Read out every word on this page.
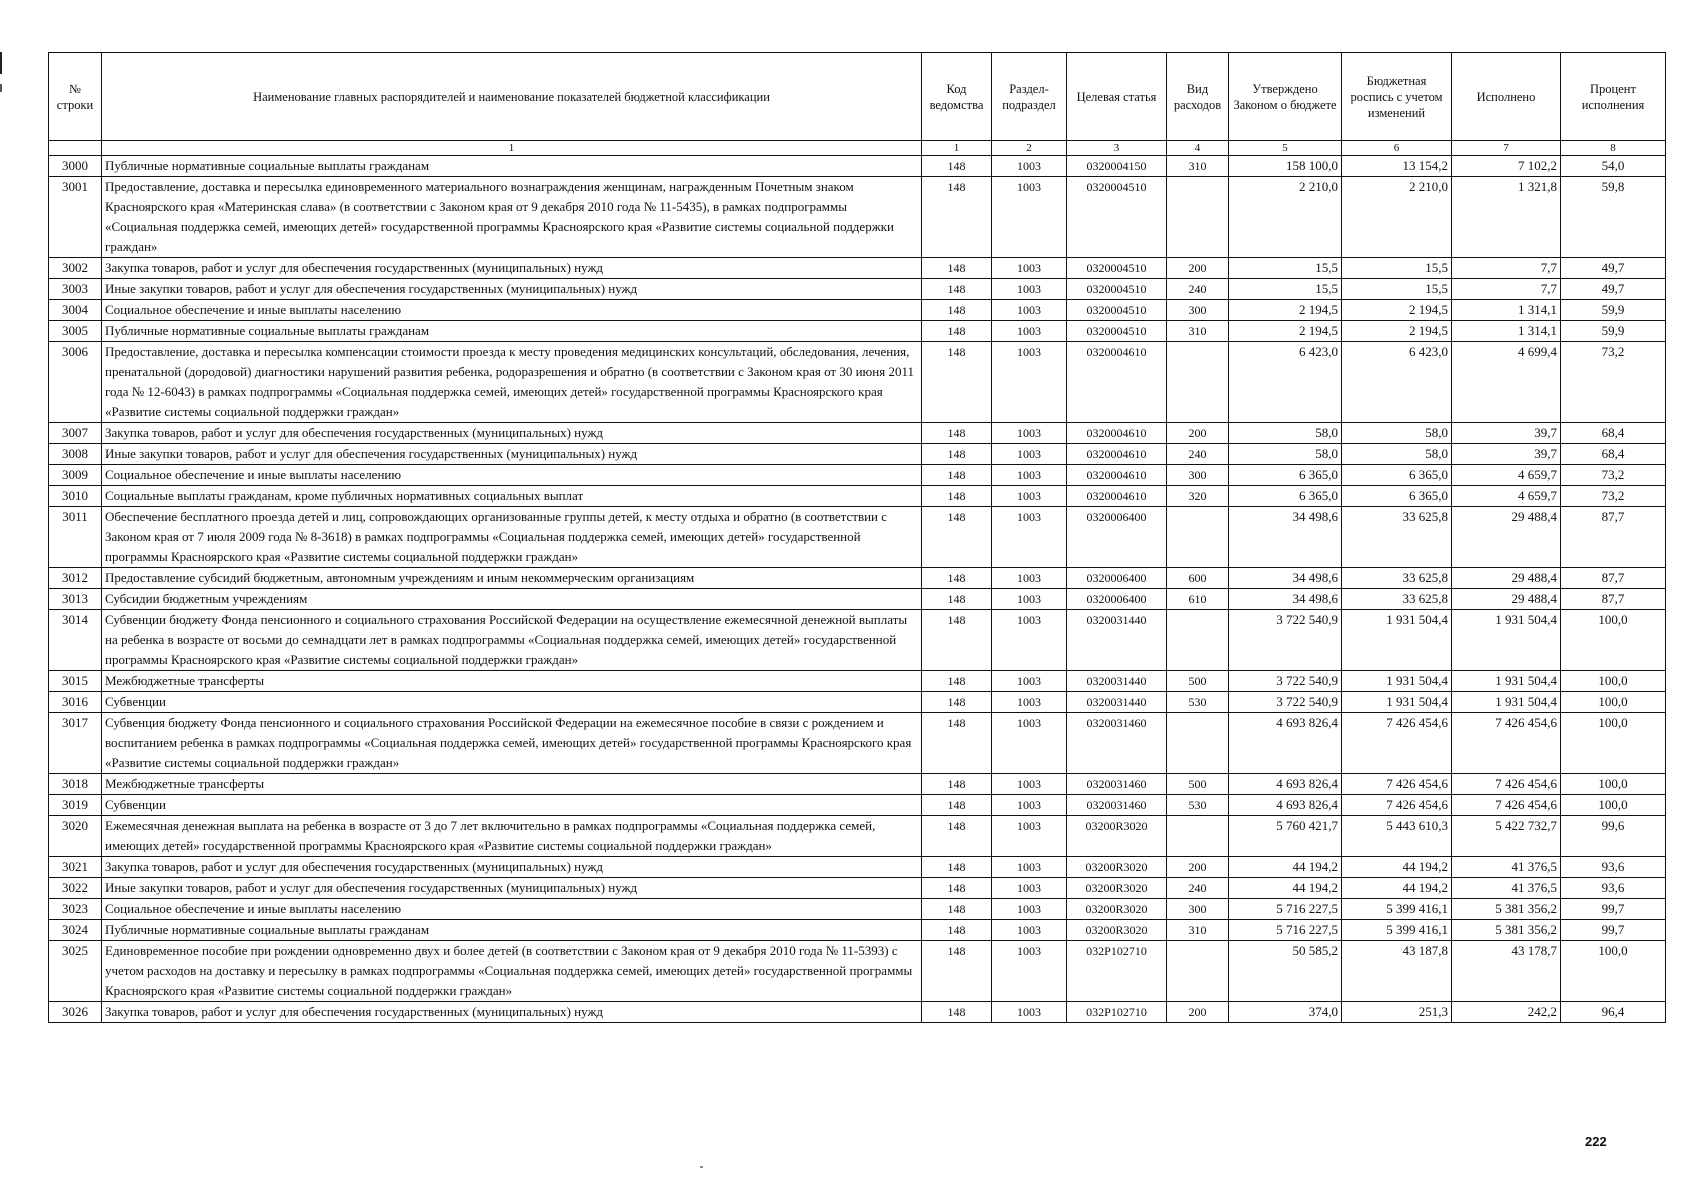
№ строки	Наименование главных распорядителей и наименование показателей бюджетной классификации	Код ведомства	Раздел-подраздел	Целевая статья	Вид расходов	Утверждено Законом о бюджете	Бюджетная роспись с учетом изменений	Исполнено	Процент исполнения
	1	1	2	3	4	5	6	7	8
3000	Публичные нормативные социальные выплаты гражданам	148	1003	0320004150	310	158 100,0	13 154,2	7 102,2	54,0
3001	Предоставление, доставка и пересылка единовременного материального вознаграждения женщинам, награжденным Почетным знаком Красноярского края «Материнская слава» (в соответствии с Законом края от 9 декабря 2010 года № 11-5435), в рамках подпрограммы «Социальная поддержка семей, имеющих детей» государственной программы Красноярского края «Развитие системы социальной поддержки граждан»	148	1003	0320004510		2 210,0	2 210,0	1 321,8	59,8
3002	Закупка товаров, работ и услуг для обеспечения государственных (муниципальных) нужд	148	1003	0320004510	200	15,5	15,5	7,7	49,7
3003	Иные закупки товаров, работ и услуг для обеспечения государственных (муниципальных) нужд	148	1003	0320004510	240	15,5	15,5	7,7	49,7
3004	Социальное обеспечение и иные выплаты населению	148	1003	0320004510	300	2 194,5	2 194,5	1 314,1	59,9
3005	Публичные нормативные социальные выплаты гражданам	148	1003	0320004510	310	2 194,5	2 194,5	1 314,1	59,9
3006	Предоставление, доставка и пересылка компенсации стоимости проезда к месту проведения медицинских консультаций, обследования, лечения, пренатальной (дородовой) диагностики нарушений развития ребенка, родоразрешения и обратно (в соответствии с Законом края от 30 июня 2011 года № 12-6043) в рамках подпрограммы «Социальная поддержка семей, имеющих детей» государственной программы Красноярского края «Развитие системы социальной поддержки граждан»	148	1003	0320004610		6 423,0	6 423,0	4 699,4	73,2
3007	Закупка товаров, работ и услуг для обеспечения государственных (муниципальных) нужд	148	1003	0320004610	200	58,0	58,0	39,7	68,4
3008	Иные закупки товаров, работ и услуг для обеспечения государственных (муниципальных) нужд	148	1003	0320004610	240	58,0	58,0	39,7	68,4
3009	Социальное обеспечение и иные выплаты населению	148	1003	0320004610	300	6 365,0	6 365,0	4 659,7	73,2
3010	Социальные выплаты гражданам, кроме публичных нормативных социальных выплат	148	1003	0320004610	320	6 365,0	6 365,0	4 659,7	73,2
3011	Обеспечение бесплатного проезда детей и лиц, сопровождающих организованные группы детей, к месту отдыха и обратно (в соответствии с Законом края от 7 июля 2009 года № 8-3618) в рамках подпрограммы «Социальная поддержка семей, имеющих детей» государственной программы Красноярского края «Развитие системы социальной поддержки граждан»	148	1003	0320006400		34 498,6	33 625,8	29 488,4	87,7
3012	Предоставление субсидий бюджетным, автономным учреждениям и иным некоммерческим организациям	148	1003	0320006400	600	34 498,6	33 625,8	29 488,4	87,7
3013	Субсидии бюджетным учреждениям	148	1003	0320006400	610	34 498,6	33 625,8	29 488,4	87,7
3014	Субвенции бюджету Фонда пенсионного и социального страхования Российской Федерации на осуществление ежемесячной денежной выплаты на ребенка в возрасте от восьми до семнадцати лет в рамках подпрограммы «Социальная поддержка семей, имеющих детей» государственной программы Красноярского края «Развитие системы социальной поддержки граждан»	148	1003	0320031440		3 722 540,9	1 931 504,4	1 931 504,4	100,0
3015	Межбюджетные трансферты	148	1003	0320031440	500	3 722 540,9	1 931 504,4	1 931 504,4	100,0
3016	Субвенции	148	1003	0320031440	530	3 722 540,9	1 931 504,4	1 931 504,4	100,0
3017	Субвенция бюджету Фонда пенсионного и социального страхования Российской Федерации на ежемесячное пособие в связи с рождением и воспитанием ребенка в рамках подпрограммы «Социальная поддержка семей, имеющих детей» государственной программы Красноярского края «Развитие системы социальной поддержки граждан»	148	1003	0320031460		4 693 826,4	7 426 454,6	7 426 454,6	100,0
3018	Межбюджетные трансферты	148	1003	0320031460	500	4 693 826,4	7 426 454,6	7 426 454,6	100,0
3019	Субвенции	148	1003	0320031460	530	4 693 826,4	7 426 454,6	7 426 454,6	100,0
3020	Ежемесячная денежная выплата на ребенка в возрасте от 3 до 7 лет включительно в рамках подпрограммы «Социальная поддержка семей, имеющих детей» государственной программы Красноярского края «Развитие системы социальной поддержки граждан»	148	1003	03200R3020		5 760 421,7	5 443 610,3	5 422 732,7	99,6
3021	Закупка товаров, работ и услуг для обеспечения государственных (муниципальных) нужд	148	1003	03200R3020	200	44 194,2	44 194,2	41 376,5	93,6
3022	Иные закупки товаров, работ и услуг для обеспечения государственных (муниципальных) нужд	148	1003	03200R3020	240	44 194,2	44 194,2	41 376,5	93,6
3023	Социальное обеспечение и иные выплаты населению	148	1003	03200R3020	300	5 716 227,5	5 399 416,1	5 381 356,2	99,7
3024	Публичные нормативные социальные выплаты гражданам	148	1003	03200R3020	310	5 716 227,5	5 399 416,1	5 381 356,2	99,7
3025	Единовременное пособие при рождении одновременно двух и более детей (в соответствии с Законом края от 9 декабря 2010 года № 11-5393) с учетом расходов на доставку и пересылку в рамках подпрограммы «Социальная поддержка семей, имеющих детей» государственной программы Красноярского края «Развитие системы социальной поддержки граждан»	148	1003	032P102710		50 585,2	43 187,8	43 178,7	100,0
3026	Закупка товаров, работ и услуг для обеспечения государственных (муниципальных) нужд	148	1003	032P102710	200	374,0	251,3	242,2	96,4
222
